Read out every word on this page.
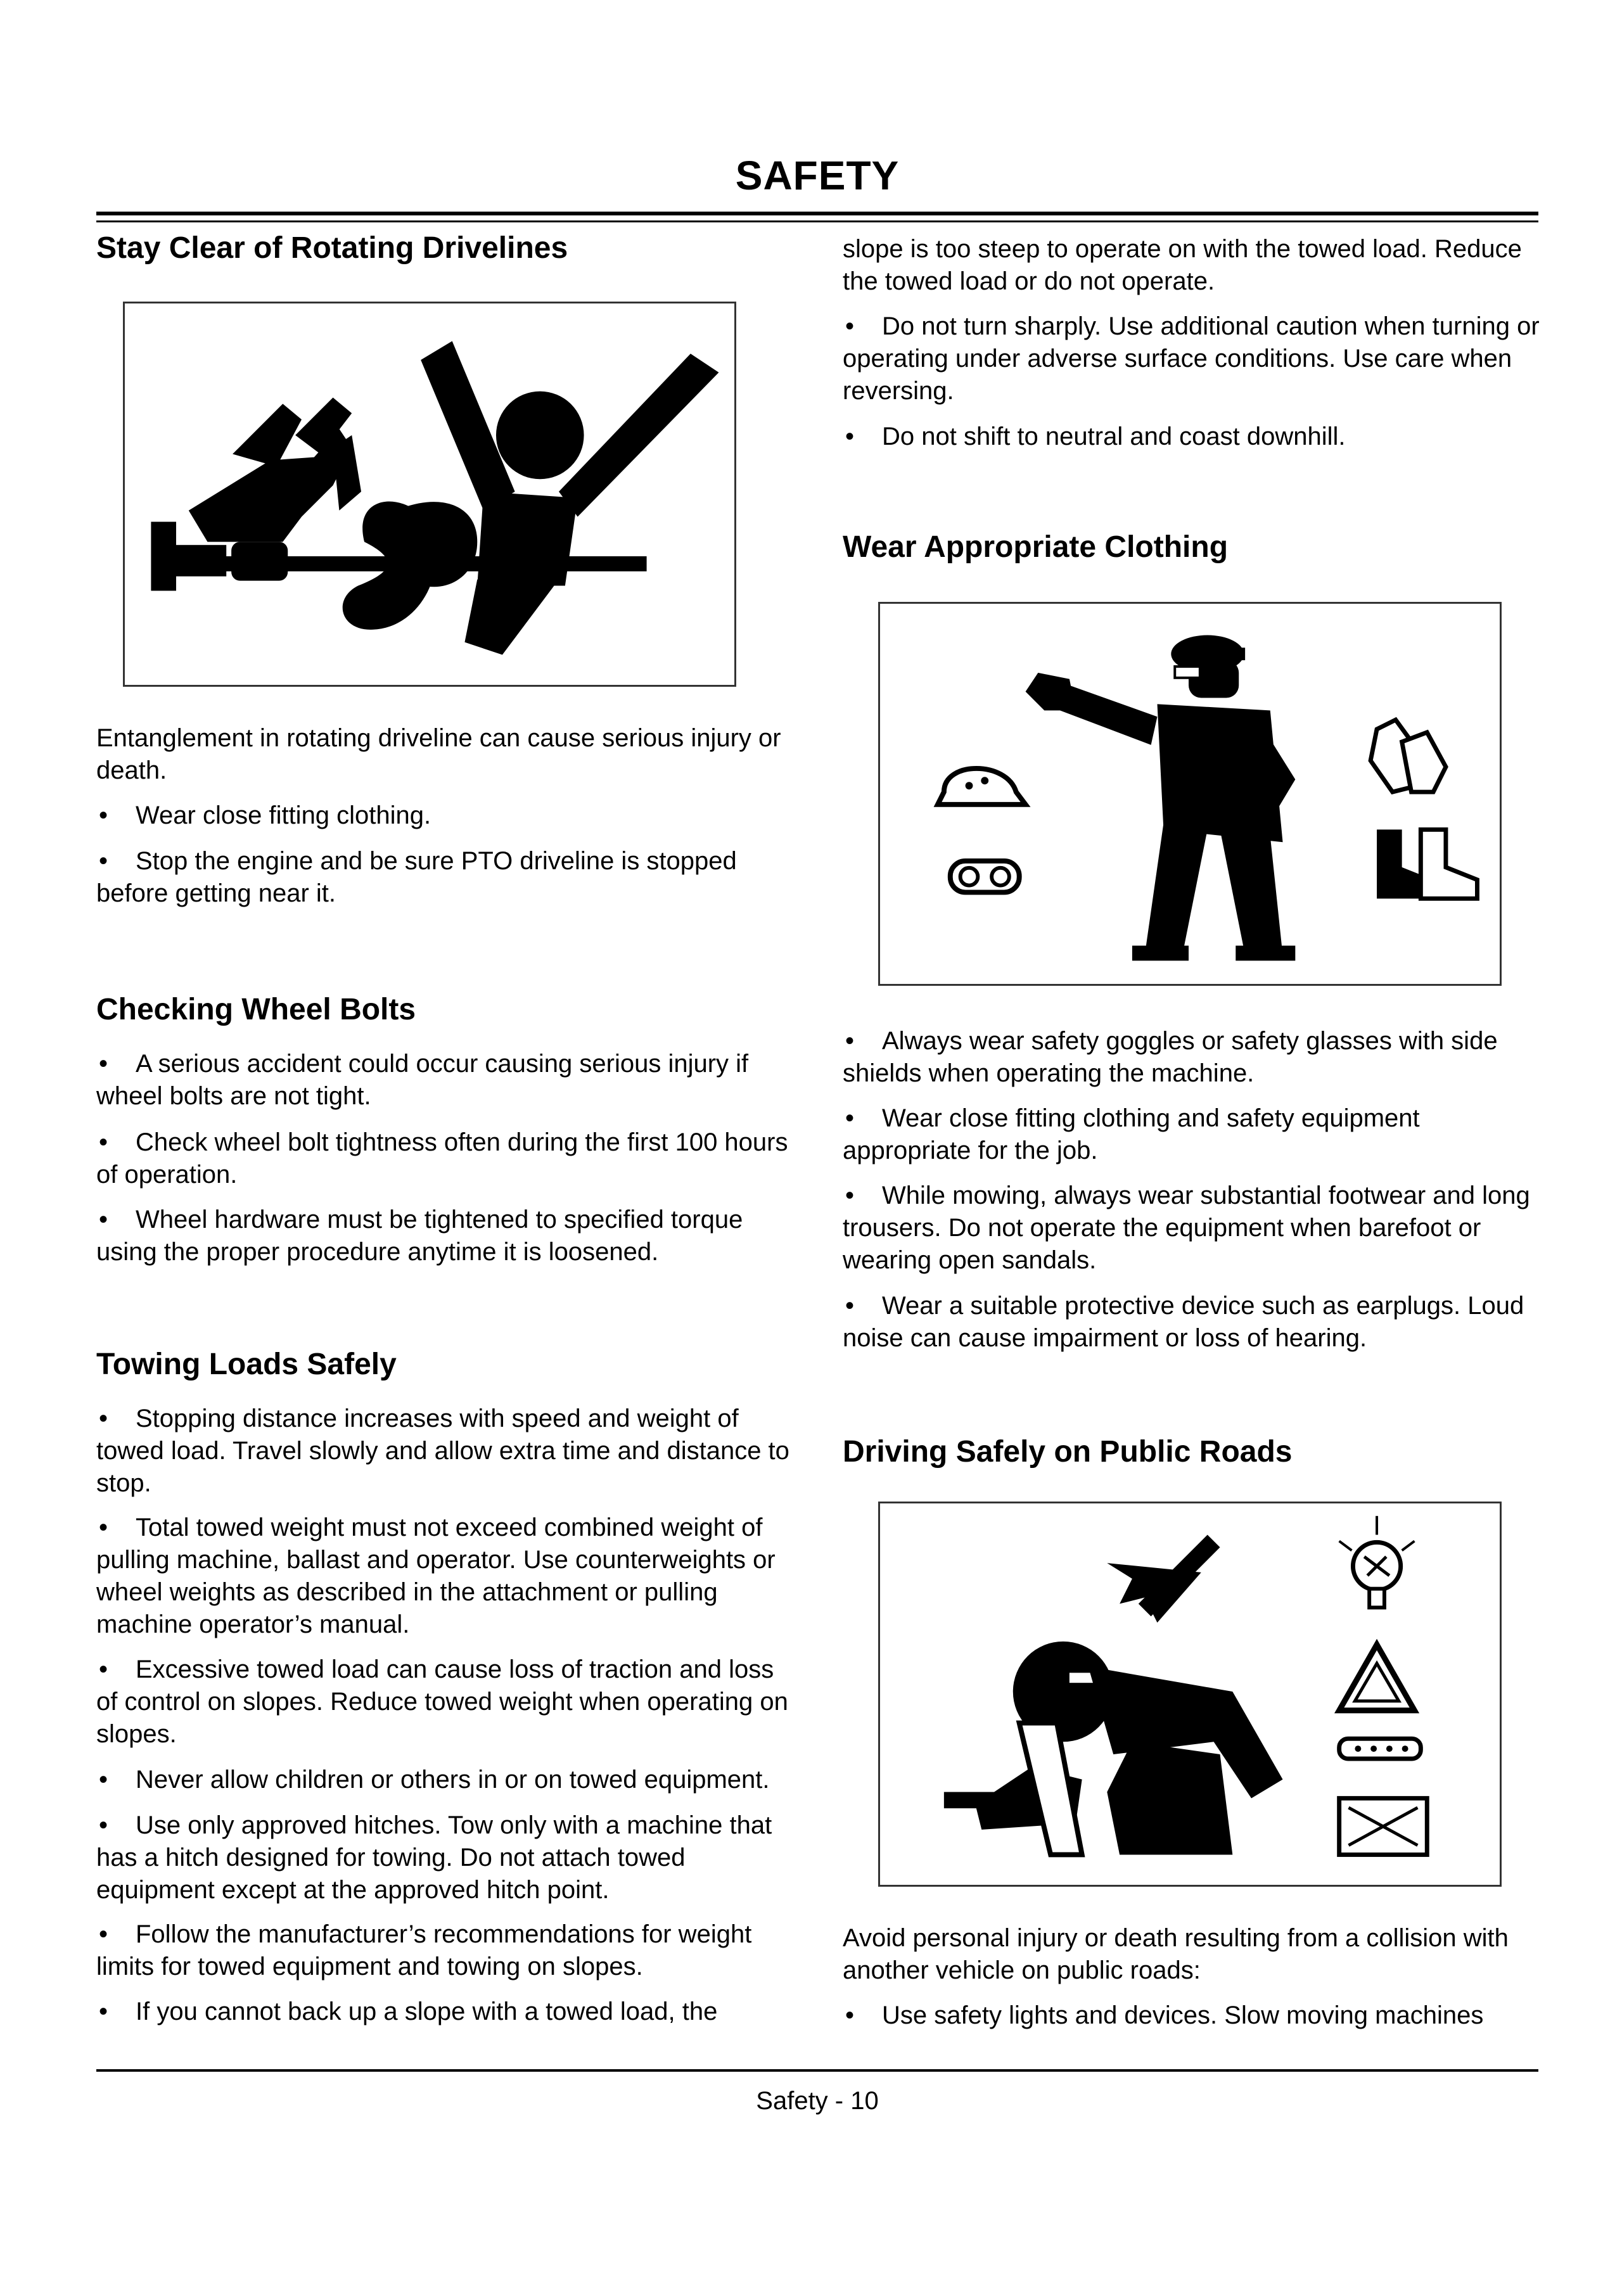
SAFETY
Stay Clear of Rotating Drivelines

Entanglement in rotating driveline can cause serious injury or death.

• Wear close fitting clothing.

• Stop the engine and be sure PTO driveline is stopped before getting near it.

Checking Wheel Bolts

• A serious accident could occur causing serious injury if wheel bolts are not tight.

• Check wheel bolt tightness often during the first 100 hours of operation.

• Wheel hardware must be tightened to specified torque using the proper procedure anytime it is loosened.

Towing Loads Safely

• Stopping distance increases with speed and weight of towed load. Travel slowly and allow extra time and distance to stop.

• Total towed weight must not exceed combined weight of pulling machine, ballast and operator. Use counterweights or wheel weights as described in the attachment or pulling machine operator’s manual.

• Excessive towed load can cause loss of traction and loss of control on slopes. Reduce towed weight when operating on slopes.

• Never allow children or others in or on towed equipment.

• Use only approved hitches. Tow only with a machine that has a hitch designed for towing. Do not attach towed equipment except at the approved hitch point.

• Follow the manufacturer’s recommendations for weight limits for towed equipment and towing on slopes.

• If you cannot back up a slope with a towed load, the

slope is too steep to operate on with the towed load. Reduce the towed load or do not operate.

• Do not turn sharply. Use additional caution when turning or operating under adverse surface conditions. Use care when reversing.

• Do not shift to neutral and coast downhill.

Wear Appropriate Clothing

• Always wear safety goggles or safety glasses with side shields when operating the machine.

• Wear close fitting clothing and safety equipment appropriate for the job.

• While mowing, always wear substantial footwear and long trousers. Do not operate the equipment when barefoot or wearing open sandals.

• Wear a suitable protective device such as earplugs. Loud noise can cause impairment or loss of hearing.

Driving Safely on Public Roads

Avoid personal injury or death resulting from a collision with another vehicle on public roads:

• Use safety lights and devices. Slow moving machines

Safety - 10
